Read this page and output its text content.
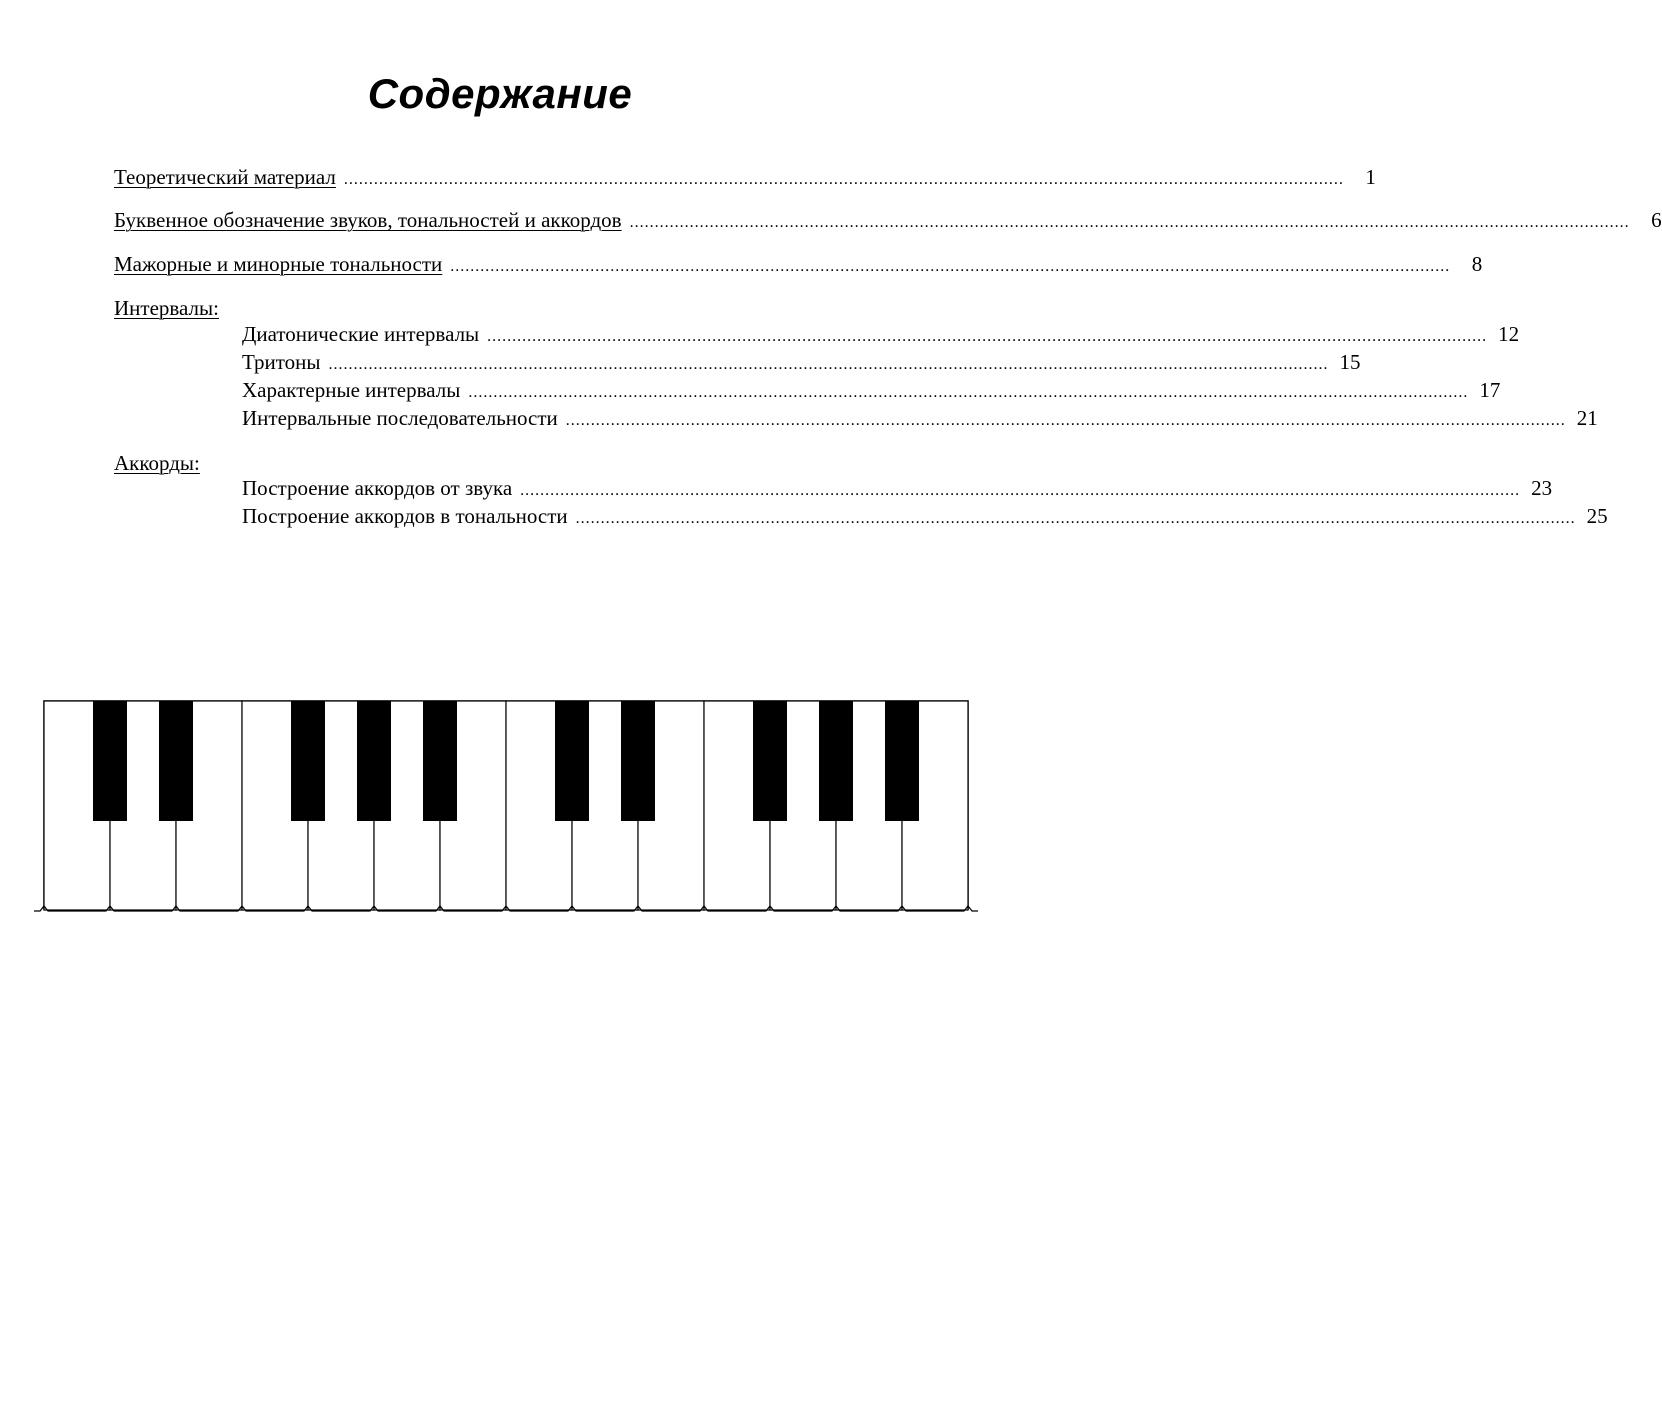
Содержание
Теоретический материал ........................................................................................................................................................................................................	1
Буквенное обозначение звуков, тональностей и аккордов ........................................................................................................................................................................................................	6
Мажорные и минорные тональности ........................................................................................................................................................................................................	8
Интервалы:
Диатонические интервалы ........................................................................................................................................................................................................ 12
Тритоны ........................................................................................................................................................................................................ 15
Характерные интервалы ........................................................................................................................................................................................................ 17
Интервальные последовательности ........................................................................................................................................................................................................ 21
Аккорды:
Построение аккордов от звука ........................................................................................................................................................................................................ 23
Построение аккордов в тональности ........................................................................................................................................................................................................ 25
